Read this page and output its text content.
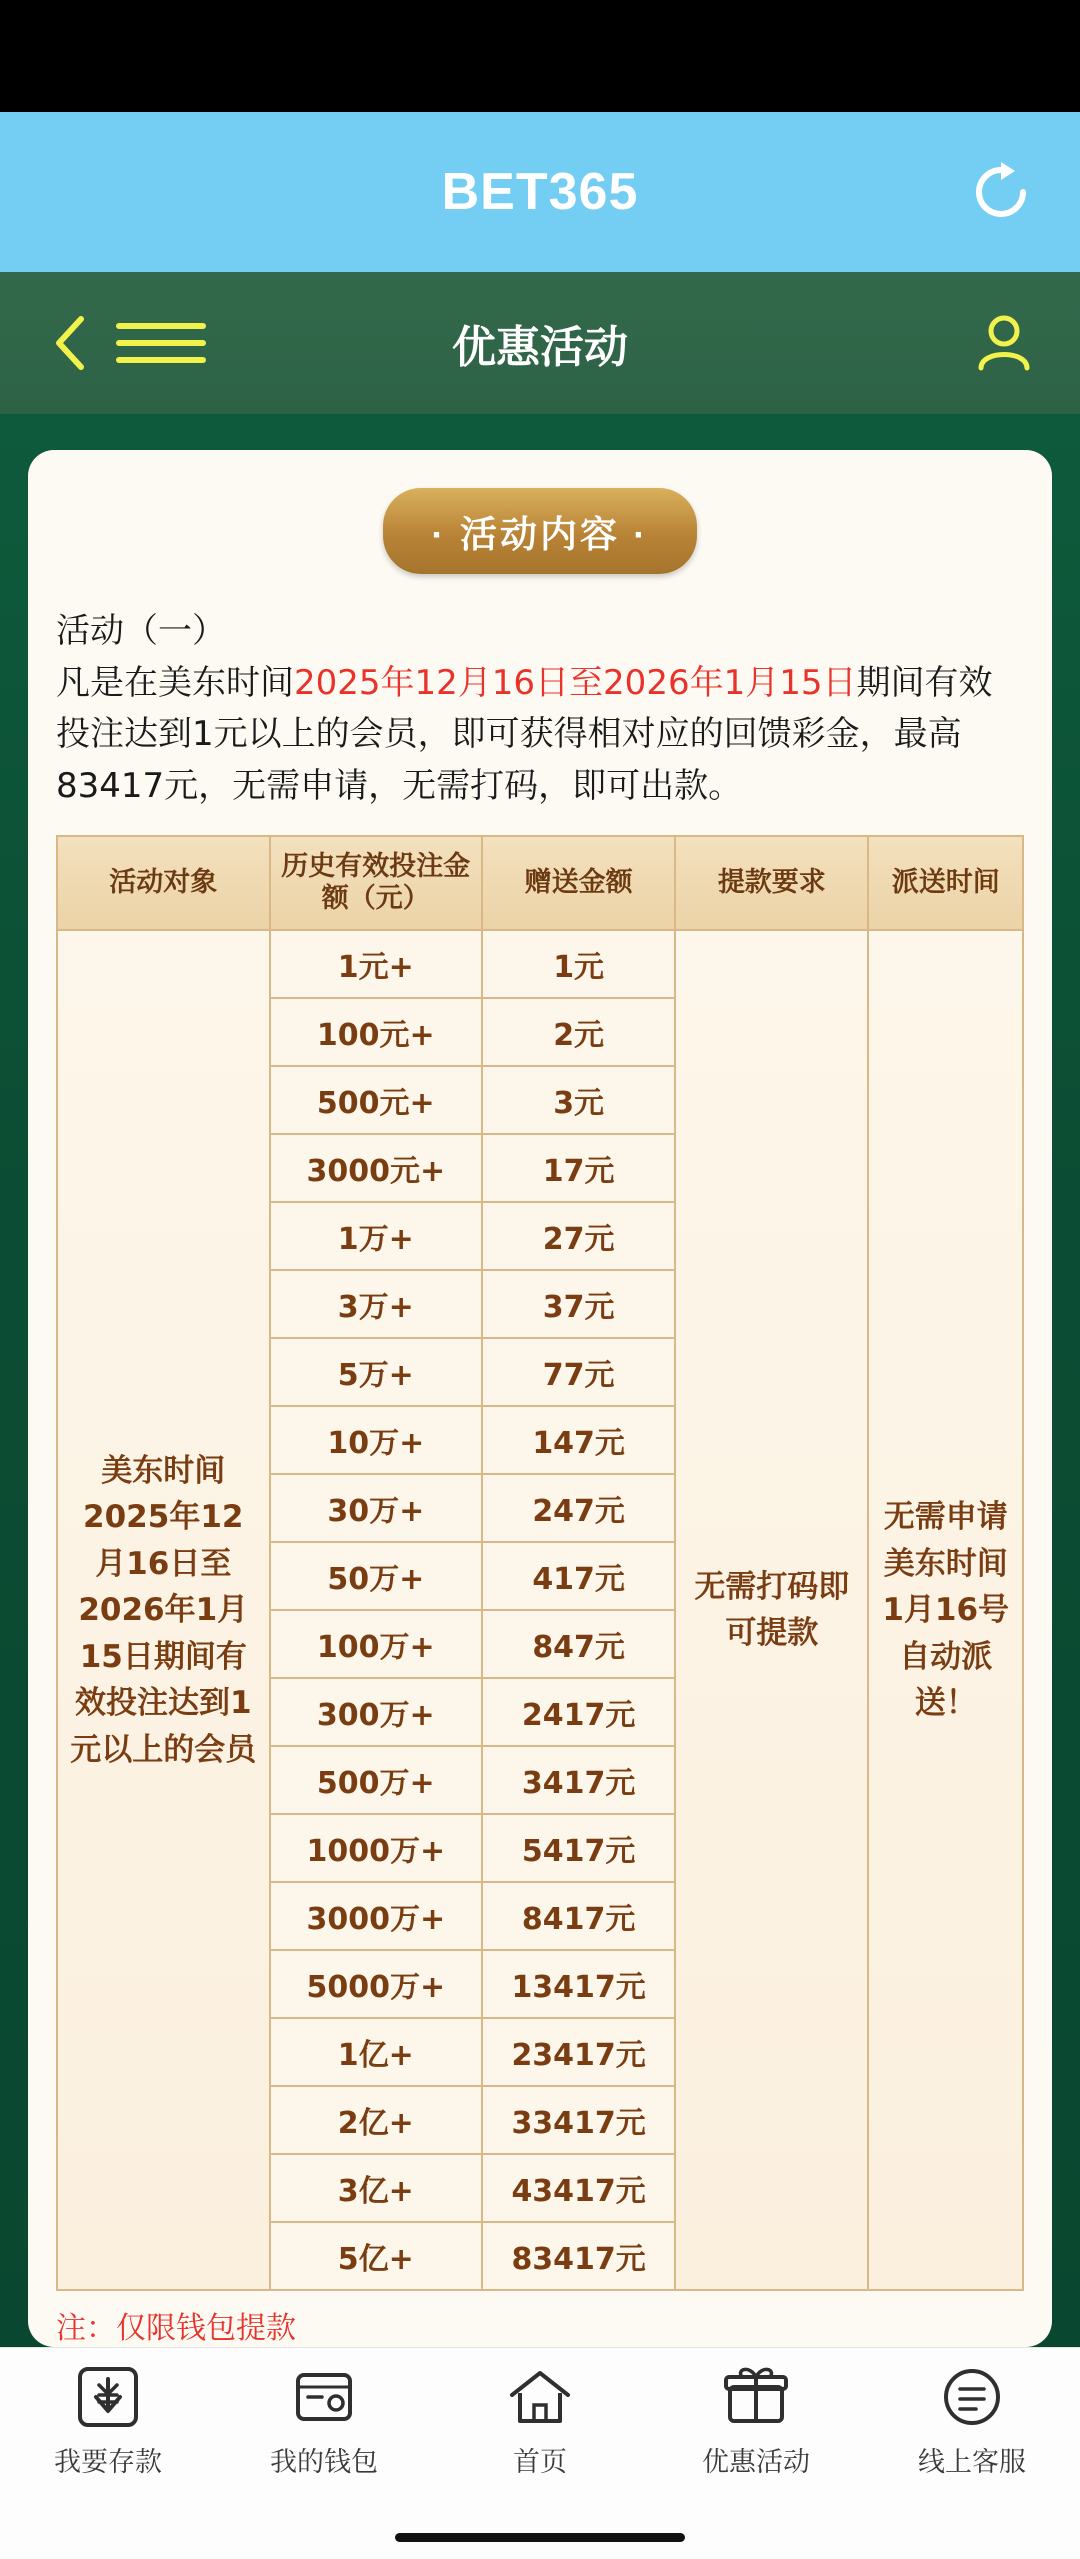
BET365
优惠活动
· 活动内容 ·
活动（一）
凡是在美东时间2025年12月16日至2026年1月15日期间有效投注达到1元以上的会员，即可获得相对应的回馈彩金，最高83417元，无需申请，无需打码，即可出款。
活动对象	历史有效投注金额（元）	赠送金额	提款要求	派送时间
美东时间2025年12月16日至2026年1月15日期间有效投注达到1元以上的会员	1元+	1元	无需打码即可提款	无需申请美东时间1月16号自动派送！
	100元+	2元		
	500元+	3元		
	3000元+	17元		
	1万+	27元		
	3万+	37元		
	5万+	77元		
	10万+	147元		
	30万+	247元		
	50万+	417元		
	100万+	847元		
	300万+	2417元		
	500万+	3417元		
	1000万+	5417元		
	3000万+	8417元		
	5000万+	13417元		
	1亿+	23417元		
	2亿+	33417元		
	3亿+	43417元		
	5亿+	83417元		
注：仅限钱包提款
我要存款	我的钱包	首页	优惠活动	线上客服
